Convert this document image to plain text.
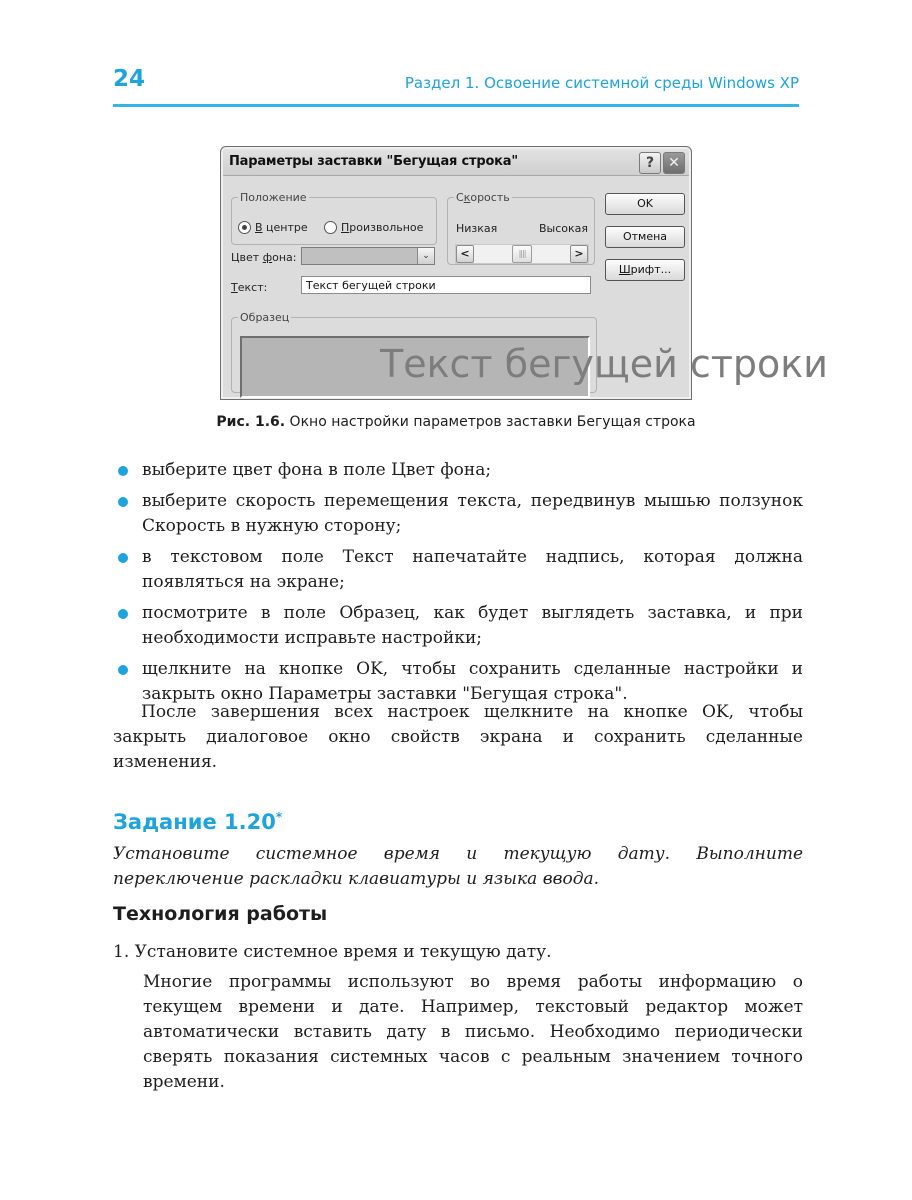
24	Раздел 1. Освоение системной среды Windows XP
Параметры заставки "Бегущая строка"	?	✕
Положение
В центре	Произвольное
Скорость
Низкая	Высокая
<	||||	>
Цвет фона:	⌄
Текст:	Текст бегущей строки
Образец
Текст бегущей строки
OK
Отмена
Шрифт...
Рис. 1.6. Окно настройки параметров заставки Бегущая строка
выберите цвет фона в поле Цвет фона;
выберите скорость перемещения текста, передвинув мышью ползунок Скорость в нужную сторону;
в текстовом поле Текст напечатайте надпись, которая должна появляться на экране;
посмотрите в поле Образец, как будет выглядеть заставка, и при необходимости исправьте настройки;
щелкните на кнопке OK, чтобы сохранить сделанные настройки и закрыть окно Параметры заставки "Бегущая строка".

После завершения всех настроек щелкните на кнопке OK, чтобы закрыть диалоговое окно свойств экрана и сохранить сделанные изменения.

Задание 1.20*

Установите системное время и текущую дату. Выполните переключение раскладки клавиатуры и языка ввода.

Технология работы
1. Установите системное время и текущую дату.

Многие программы используют во время работы информацию о текущем времени и дате. Например, текстовый редактор может автоматически вставить дату в письмо. Необходимо периодически сверять показания системных часов с реальным значением точного времени.
